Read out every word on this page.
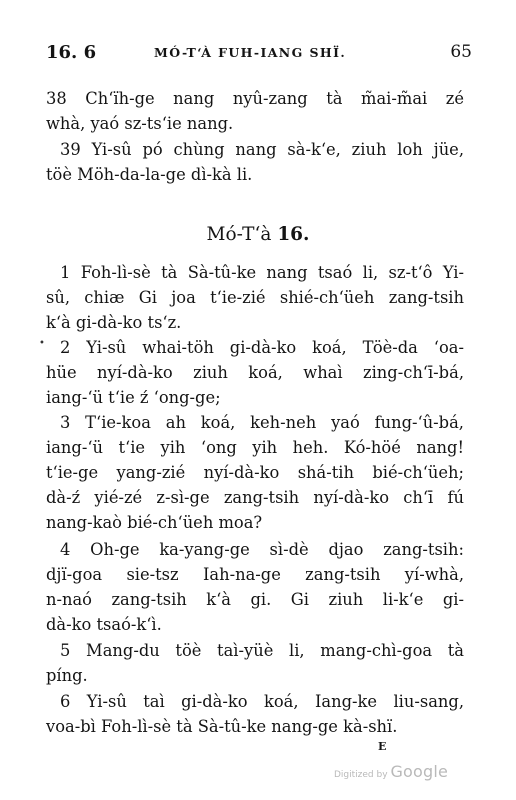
16. 6	MÓ-T‘À FUH-IANG SHÏ.	65
38 Ch‘ïh-ge nang nyû-zang tà m̃ai-m̃ai zé
whà, yaó sz-ts‘ie nang.
39 Yi-sû pó chùng nang sà-k‘e, ziuh loh jüe,
töè Möh-da-la-ge dì-kà li.
Mó-T‘à 16.
1 Foh-lì-sè tà Sà-tû-ke nang tsaó li, sz-t‘ô Yi-
sû, chiæ Gi joa t‘ie-zié shié-ch‘üeh zang-tsih
k‘à gi-dà-ko ts‘z.
• 2 Yi-sû whai-töh gi-dà-ko koá, Töè-da ‘oa-
hüe nyí-dà-ko ziuh koá, whaì zing-ch‘ī-bá,
iang-‘ü t‘ie ź ‘ong-ge;
3 T‘ie-koa ah koá, keh-neh yaó fung-‘û-bá,
iang-‘ü t‘ie yih ‘ong yih heh. Kó-höé nang!
t‘ie-ge yang-zié nyí-dà-ko shá-tih bié-ch‘üeh;
dà-ź yié-zé z-sì-ge zang-tsih nyí-dà-ko ch‘ī fú
nang-kaò bié-ch‘üeh moa?
4 Oh-ge ka-yang-ge sì-dè djao zang-tsih:
djï-goa sie-tsz Iah-na-ge zang-tsih yí-whà,
n-naó zang-tsih k‘à gi. Gi ziuh li-k‘e gi-
dà-ko tsaó-k‘ì.
5 Mang-du töè taì-yüè li, mang-chì-goa tà
píng.
6 Yi-sû taì gi-dà-ko koá, Iang-ke liu-sang,
voa-bì Foh-lì-sè tà Sà-tû-ke nang-ge kà-shï.
E
Digitized by Google
